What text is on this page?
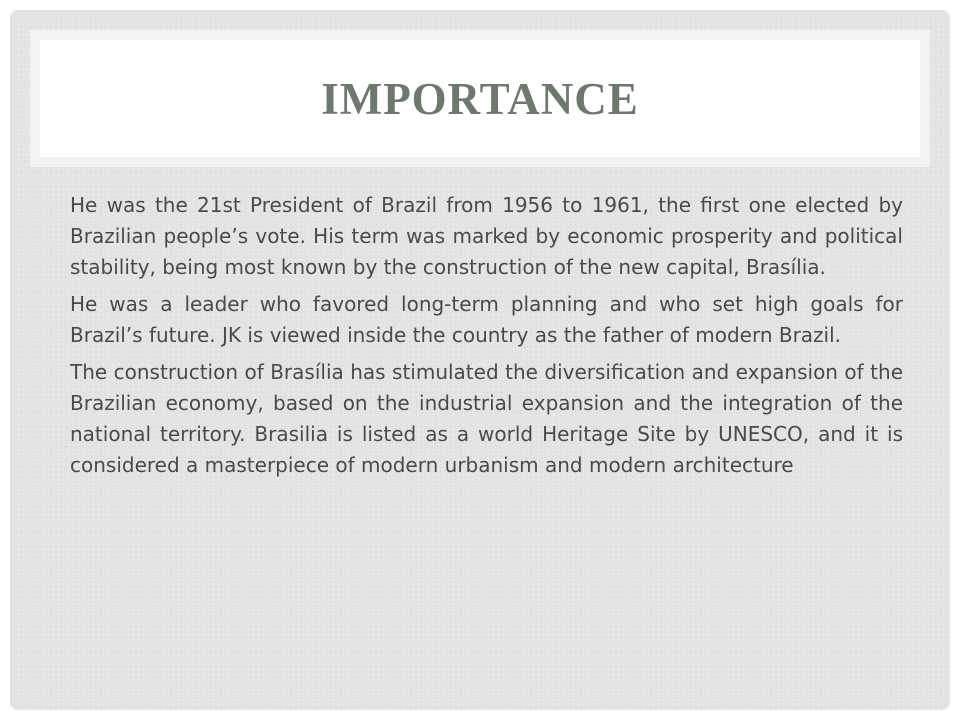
IMPORTANCE

He was the 21st President of Brazil from 1956 to 1961, the first one elected by Brazilian people’s vote. His term was marked by economic prosperity and political stability, being most known by the construction of the new capital, Brasília.

He was a leader who favored long-term planning and who set high goals for Brazil’s future. JK is viewed inside the country as the father of modern Brazil.

The construction of Brasília has stimulated the diversification and expansion of the Brazilian economy, based on the industrial expansion and the integration of the national territory. Brasilia is listed as a world Heritage Site by UNESCO, and it is considered a masterpiece of modern urbanism and modern architecture
